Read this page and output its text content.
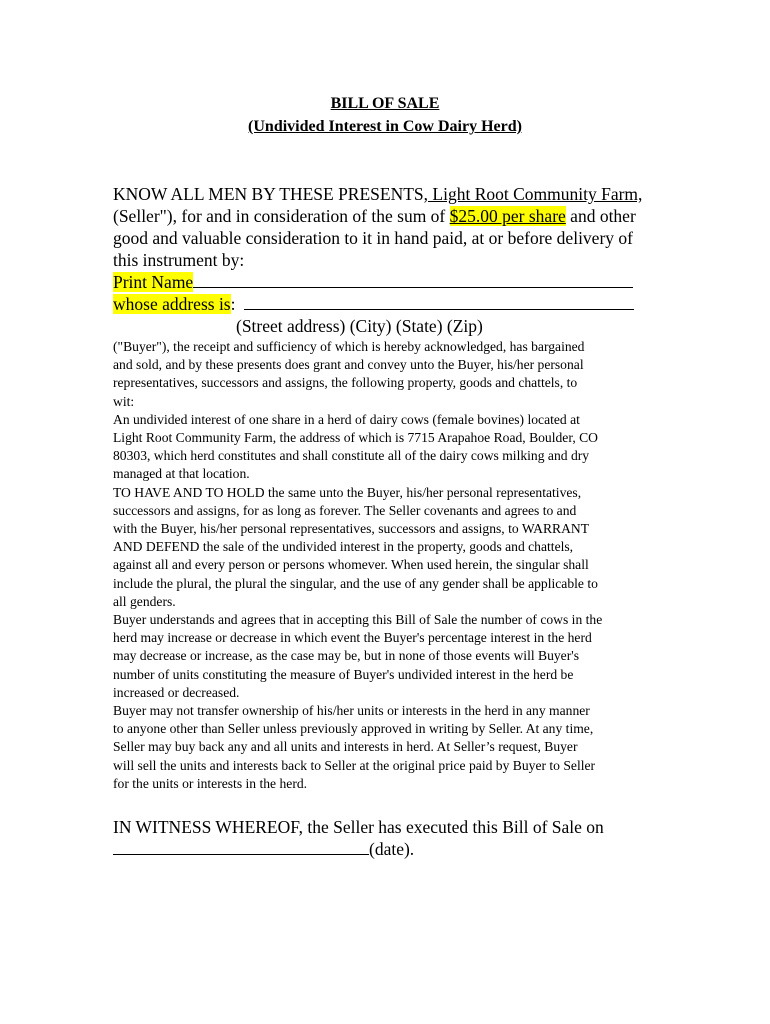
BILL OF SALE
(Undivided Interest in Cow Dairy Herd)
KNOW ALL MEN BY THESE PRESENTS, Light Root Community Farm,
(Seller"), for and in consideration of the sum of $25.00 per share and other
good and valuable consideration to it in hand paid, at or before delivery of
this instrument by:
Print Name
whose address is:
(Street address) (City) (State) (Zip)
("Buyer"), the receipt and sufficiency of which is hereby acknowledged, has bargained
and sold, and by these presents does grant and convey unto the Buyer, his/her personal
representatives, successors and assigns, the following property, goods and chattels, to
wit:
An undivided interest of one share in a herd of dairy cows (female bovines) located at
Light Root Community Farm, the address of which is 7715 Arapahoe Road, Boulder, CO
80303, which herd constitutes and shall constitute all of the dairy cows milking and dry
managed at that location.
TO HAVE AND TO HOLD the same unto the Buyer, his/her personal representatives,
successors and assigns, for as long as forever. The Seller covenants and agrees to and
with the Buyer, his/her personal representatives, successors and assigns, to WARRANT
AND DEFEND the sale of the undivided interest in the property, goods and chattels,
against all and every person or persons whomever. When used herein, the singular shall
include the plural, the plural the singular, and the use of any gender shall be applicable to
all genders.
Buyer understands and agrees that in accepting this Bill of Sale the number of cows in the
herd may increase or decrease in which event the Buyer's percentage interest in the herd
may decrease or increase, as the case may be, but in none of those events will Buyer's
number of units constituting the measure of Buyer's undivided interest in the herd be
increased or decreased.
Buyer may not transfer ownership of his/her units or interests in the herd in any manner
to anyone other than Seller unless previously approved in writing by Seller. At any time,
Seller may buy back any and all units and interests in herd. At Seller’s request, Buyer
will sell the units and interests back to Seller at the original price paid by Buyer to Seller
for the units or interests in the herd.
IN WITNESS WHEREOF, the Seller has executed this Bill of Sale on
(date).
